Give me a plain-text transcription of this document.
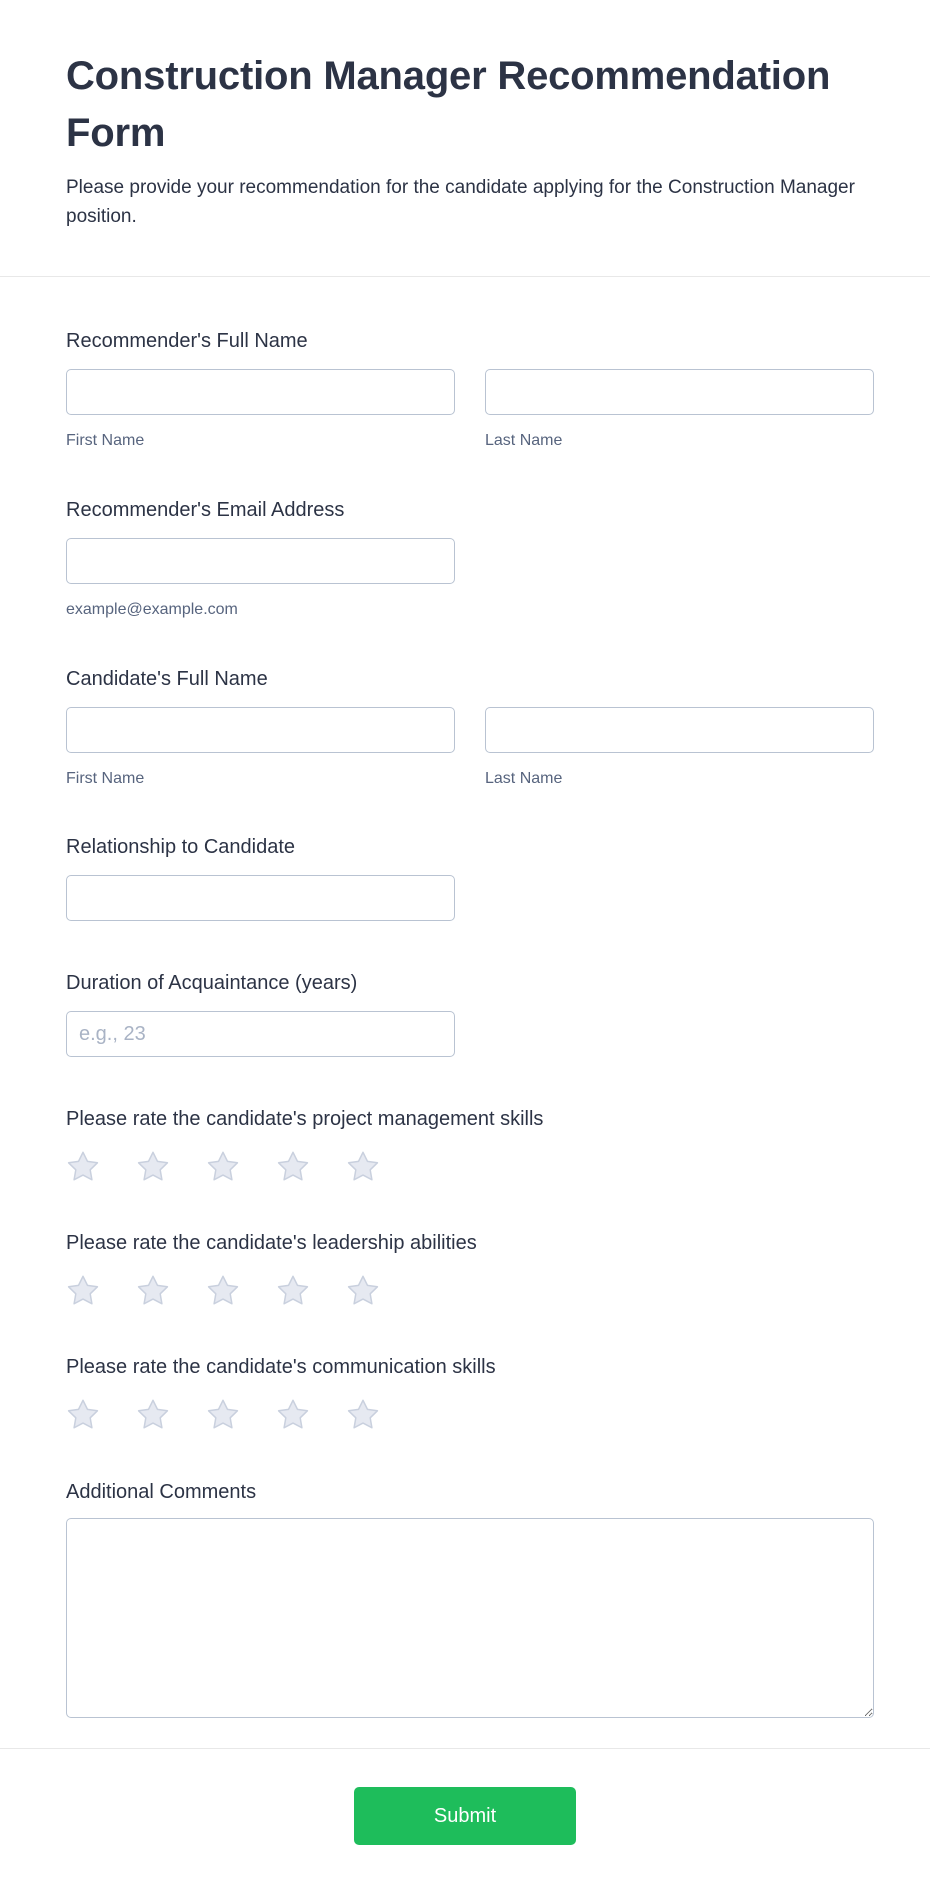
Construction Manager Recommendation Form

Please provide your recommendation for the candidate applying for the Construction Manager position.

Recommender's Full Name
First Name	Last Name
Recommender's Email Address
example@example.com
Candidate's Full Name
First Name	Last Name
Relationship to Candidate
Duration of Acquaintance (years)
e.g., 23
Please rate the candidate's project management skills
Please rate the candidate's leadership abilities
Please rate the candidate's communication skills
Additional Comments
Submit
